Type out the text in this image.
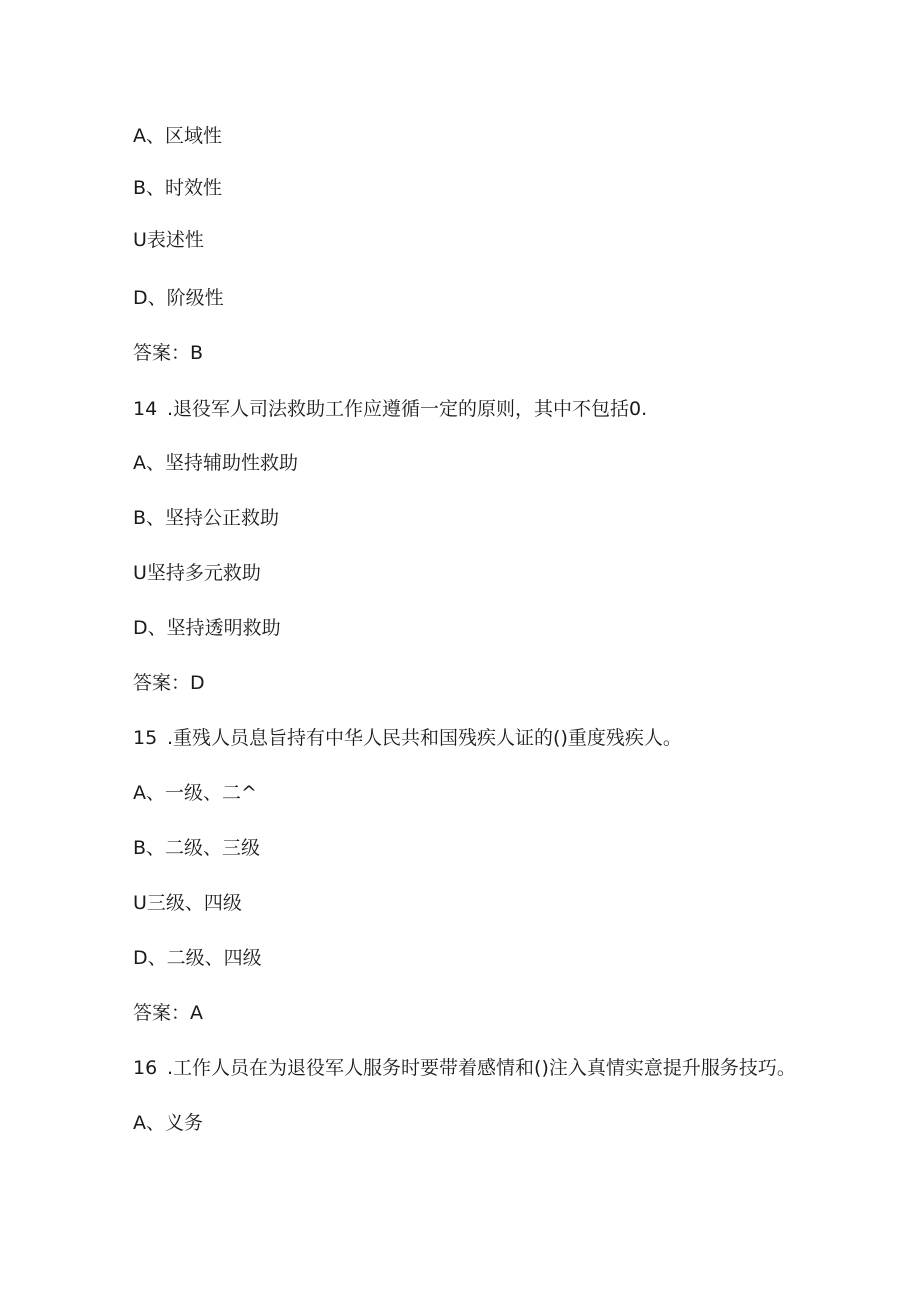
A、区域性
B、时效性
U表述性
D、阶级性
答案：B
14 .退役军人司法救助工作应遵循一定的原则，其中不包括0.
A、坚持辅助性救助
B、坚持公正救助
U坚持多元救助
D、坚持透明救助
答案：D
15 .重残人员息旨持有中华人民共和国残疾人证的()重度残疾人。
A、一级、二^
B、二级、三级
U三级、四级
D、二级、四级
答案：A
16 .工作人员在为退役军人服务时要带着感情和()注入真情实意提升服务技巧。
A、义务
